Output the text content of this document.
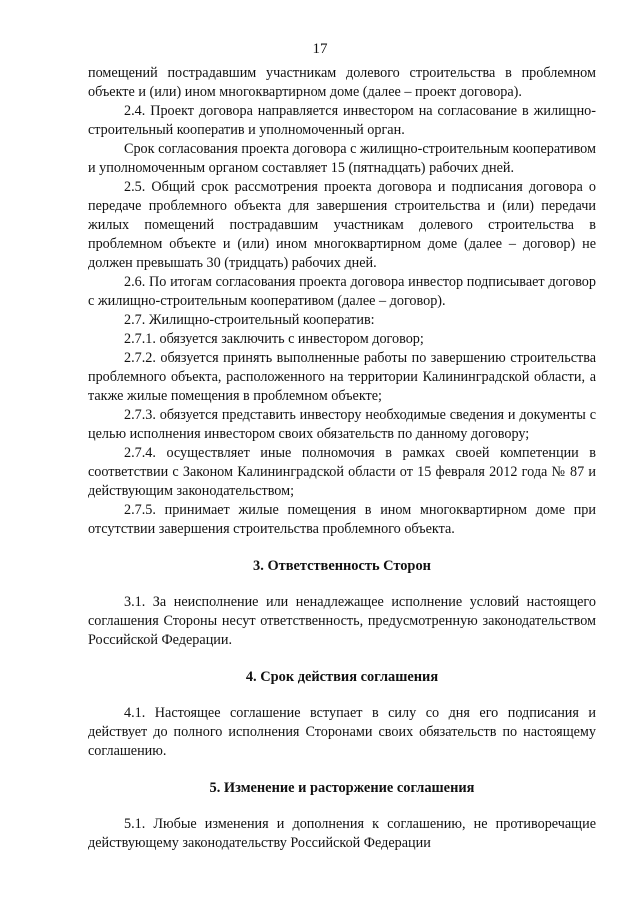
17

помещений пострадавшим участникам долевого строительства в проблемном объекте и (или) ином многоквартирном доме (далее – проект договора).

2.4. Проект договора направляется инвестором на согласование в жилищно-строительный кооператив и уполномоченный орган.

Срок согласования проекта договора с жилищно-строительным кооперативом и уполномоченным органом составляет 15 (пятнадцать) рабочих дней.

2.5. Общий срок рассмотрения проекта договора и подписания договора о передаче проблемного объекта для завершения строительства и (или) передачи жилых помещений пострадавшим участникам долевого строительства в проблемном объекте и (или) ином многоквартирном доме (далее – договор) не должен превышать 30 (тридцать) рабочих дней.

2.6. По итогам согласования проекта договора инвестор подписывает договор с жилищно-строительным кооперативом (далее – договор).

2.7. Жилищно-строительный кооператив:

2.7.1. обязуется заключить с инвестором договор;

2.7.2. обязуется принять выполненные работы по завершению строительства проблемного объекта, расположенного на территории Калининградской области, а также жилые помещения в проблемном объекте;

2.7.3. обязуется представить инвестору необходимые сведения и документы с целью исполнения инвестором своих обязательств по данному договору;

2.7.4. осуществляет иные полномочия в рамках своей компетенции в соответствии с Законом Калининградской области от 15 февраля 2012 года № 87 и действующим законодательством;

2.7.5. принимает жилые помещения в ином многоквартирном доме при отсутствии завершения строительства проблемного объекта.

3. Ответственность Сторон

3.1. За неисполнение или ненадлежащее исполнение условий настоящего соглашения Стороны несут ответственность, предусмотренную законодательством Российской Федерации.

4. Срок действия соглашения

4.1. Настоящее соглашение вступает в силу со дня его подписания и действует до полного исполнения Сторонами своих обязательств по настоящему соглашению.

5. Изменение и расторжение соглашения

5.1. Любые изменения и дополнения к соглашению, не противоречащие действующему законодательству Российской Федерации
